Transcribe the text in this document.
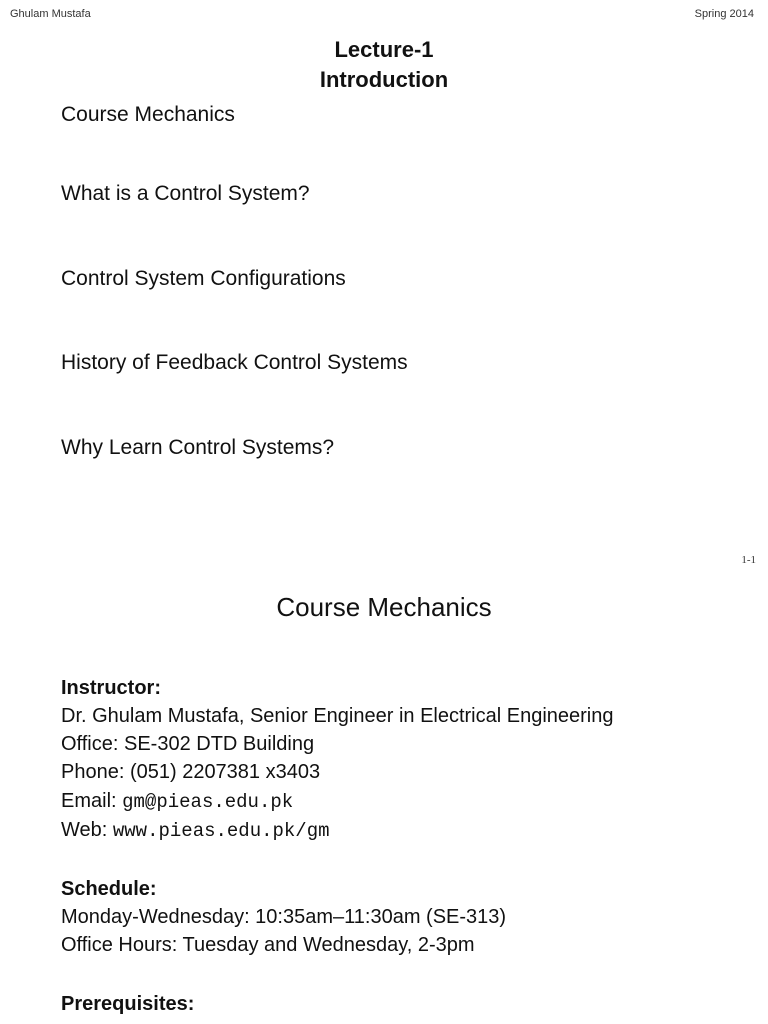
Ghulam Mustafa	Spring 2014
Lecture-1
Introduction
Course Mechanics
What is a Control System?
Control System Configurations
History of Feedback Control Systems
Why Learn Control Systems?
1-1
Course Mechanics
Instructor:
Dr. Ghulam Mustafa, Senior Engineer in Electrical Engineering
Office: SE-302 DTD Building
Phone: (051) 2207381 x3403
Email: gm@pieas.edu.pk
Web: www.pieas.edu.pk/gm
Schedule:
Monday-Wednesday: 10:35am–11:30am (SE-313)
Office Hours: Tuesday and Wednesday, 2-3pm
Prerequisites:
